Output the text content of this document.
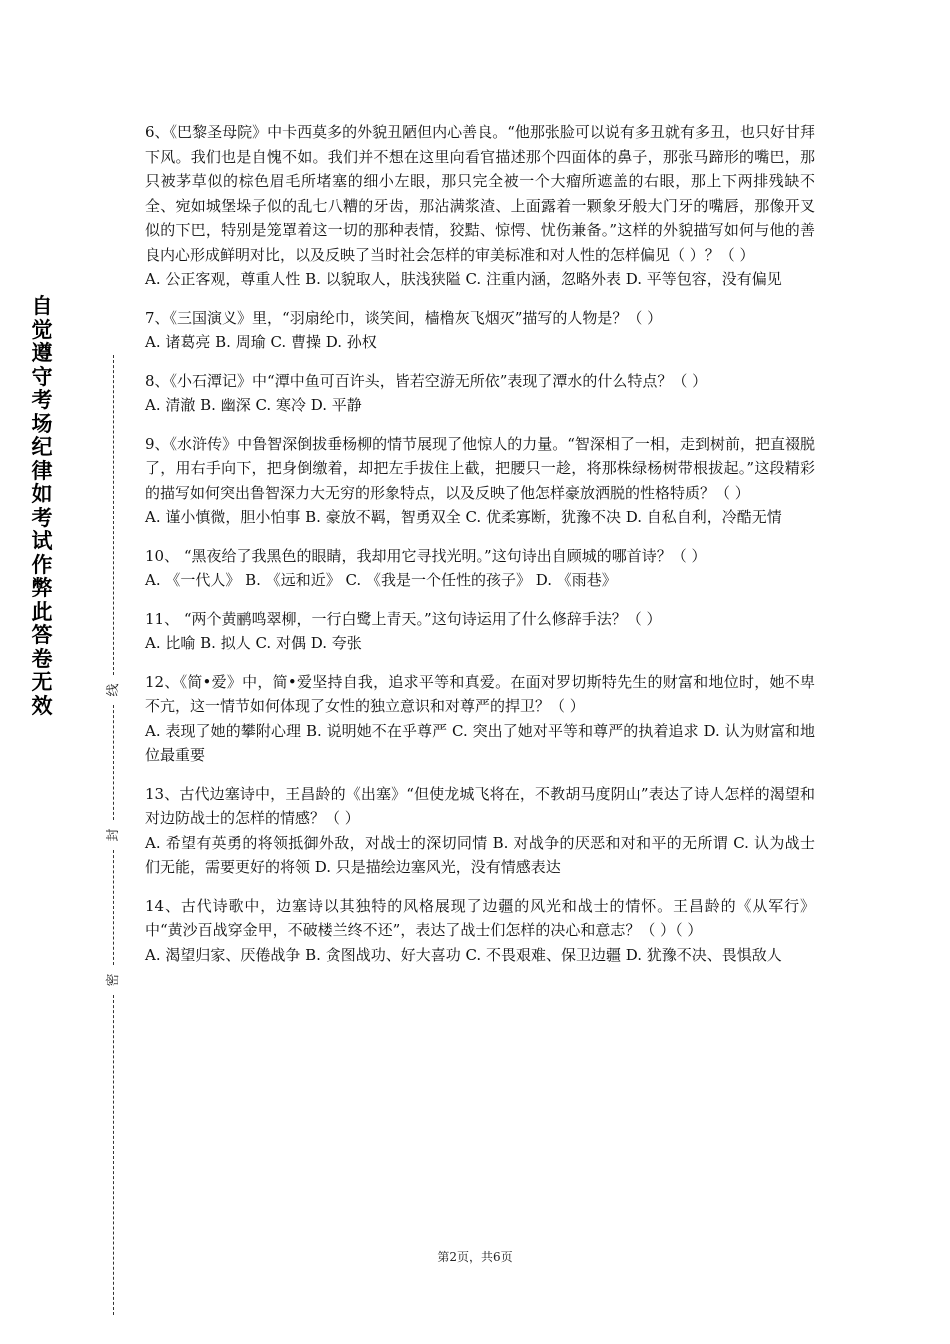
自觉遵守考场纪律如考试作弊此答卷无效
线
封
密

6、《巴黎圣母院》中卡西莫多的外貌丑陋但内心善良。“他那张脸可以说有多丑就有多丑，也只好甘拜下风。我们也是自愧不如。我们并不想在这里向看官描述那个四面体的鼻子，那张马蹄形的嘴巴，那只被茅草似的棕色眉毛所堵塞的细小左眼，那只完全被一个大瘤所遮盖的右眼，那上下两排残缺不全、宛如城堡垛子似的乱七八糟的牙齿，那沾满浆渣、上面露着一颗象牙般大门牙的嘴唇，那像开叉似的下巴，特别是笼罩着这一切的那种表情，狡黠、惊愕、忧伤兼备。”这样的外貌描写如何与他的善良内心形成鲜明对比，以及反映了当时社会怎样的审美标准和对人性的怎样偏见（ ）？（ ）

A. 公正客观，尊重人性 B. 以貌取人，肤浅狭隘 C. 注重内涵，忽略外表 D. 平等包容，没有偏见

7、《三国演义》里，“羽扇纶巾，谈笑间，樯橹灰飞烟灭”描写的人物是？（ ）

A. 诸葛亮 B. 周瑜 C. 曹操 D. 孙权

8、《小石潭记》中“潭中鱼可百许头，皆若空游无所依”表现了潭水的什么特点？（ ）

A. 清澈 B. 幽深 C. 寒冷 D. 平静

9、《水浒传》中鲁智深倒拔垂杨柳的情节展现了他惊人的力量。“智深相了一相，走到树前，把直裰脱了，用右手向下，把身倒缴着，却把左手拔住上截，把腰只一趁，将那株绿杨树带根拔起。”这段精彩的描写如何突出鲁智深力大无穷的形象特点，以及反映了他怎样豪放洒脱的性格特质？（ ）

A. 谨小慎微，胆小怕事 B. 豪放不羁，智勇双全 C. 优柔寡断，犹豫不决 D. 自私自利，冷酷无情

10、 “黑夜给了我黑色的眼睛，我却用它寻找光明。”这句诗出自顾城的哪首诗？（ ）

A. 《一代人》 B. 《远和近》 C. 《我是一个任性的孩子》 D. 《雨巷》

11、 “两个黄鹂鸣翠柳，一行白鹭上青天。”这句诗运用了什么修辞手法？（ ）

A. 比喻 B. 拟人 C. 对偶 D. 夸张

12、《简•爱》中，简•爱坚持自我，追求平等和真爱。在面对罗切斯特先生的财富和地位时，她不卑不亢，这一情节如何体现了女性的独立意识和对尊严的捍卫？（ ）

A. 表现了她的攀附心理 B. 说明她不在乎尊严 C. 突出了她对平等和尊严的执着追求 D. 认为财富和地位最重要

13、古代边塞诗中，王昌龄的《出塞》“但使龙城飞将在，不教胡马度阴山”表达了诗人怎样的渴望和对边防战士的怎样的情感？（ ）

A. 希望有英勇的将领抵御外敌，对战士的深切同情 B. 对战争的厌恶和对和平的无所谓 C. 认为战士们无能，需要更好的将领 D. 只是描绘边塞风光，没有情感表达

14、古代诗歌中，边塞诗以其独特的风格展现了边疆的风光和战士的情怀。王昌龄的《从军行》中“黄沙百战穿金甲，不破楼兰终不还”，表达了战士们怎样的决心和意志？（ ）（ ）

A. 渴望归家、厌倦战争 B. 贪图战功、好大喜功 C. 不畏艰难、保卫边疆 D. 犹豫不决、畏惧敌人

第2页，共6页
